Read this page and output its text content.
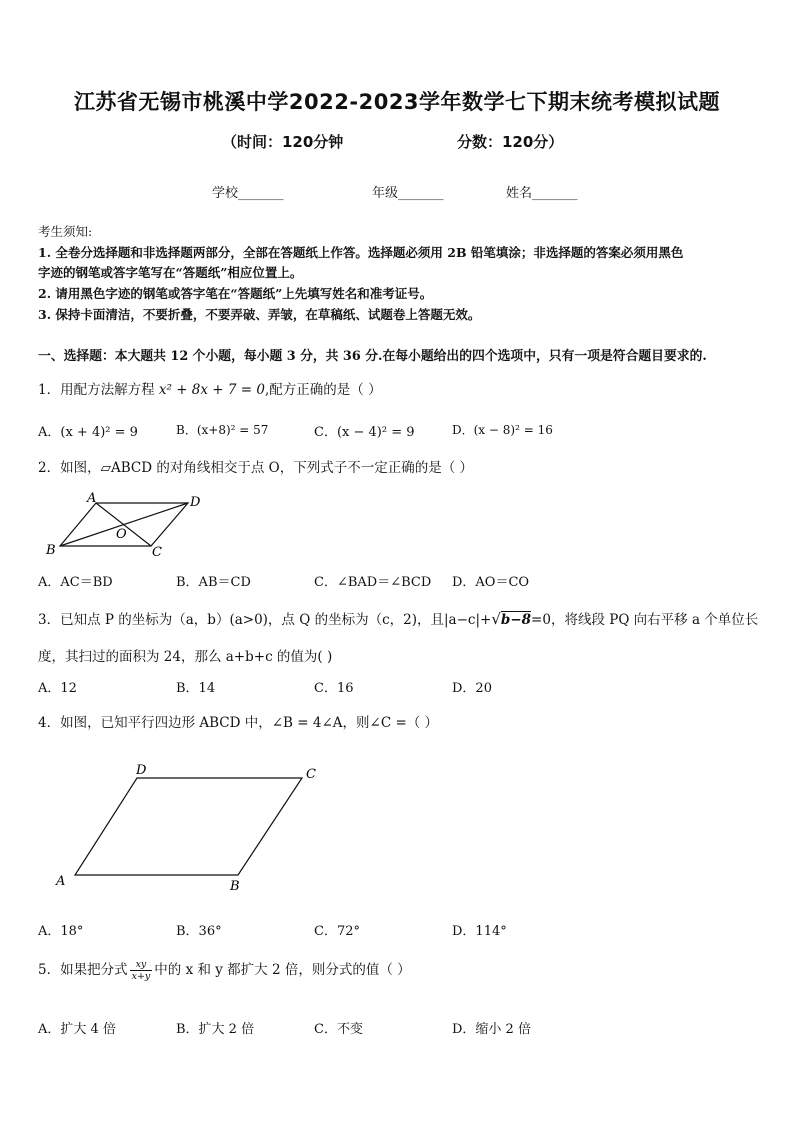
江苏省无锡市桃溪中学2022-2023学年数学七下期末统考模拟试题
（时间：120分钟	分数：120分）
学校_______	年级_______	姓名_______
考生须知:
1. 全卷分选择题和非选择题两部分，全部在答题纸上作答。选择题必须用 2B 铅笔填涂；非选择题的答案必须用黑色
字迹的钢笔或答字笔写在“答题纸”相应位置上。
2. 请用黑色字迹的钢笔或答字笔在“答题纸”上先填写姓名和准考证号。
3. 保持卡面清洁，不要折叠，不要弄破、弄皱，在草稿纸、试题卷上答题无效。
一、选择题：本大题共 12 个小题，每小题 3 分，共 36 分.在每小题给出的四个选项中，只有一项是符合题目要求的.
1．用配方法解方程 x² + 8x + 7 = 0,配方正确的是（ ）
A．(x + 4)² = 9	B．(x+8)² = 57	C．(x − 4)² = 9	D．(x − 8)² = 16
2．如图，▱ABCD 的对角线相交于点 O，下列式子不一定正确的是（ ）
A	D
B	C
O
A．AC＝BD	B．AB＝CD	C．∠BAD＝∠BCD D．AO＝CO
3．已知点 P 的坐标为（a，b）(a>0)，点 Q 的坐标为（c，2)，且|a−c|+√b−8=0，将线段 PQ 向右平移 a 个单位长
度，其扫过的面积为 24，那么 a+b+c 的值为( )
A．12	B．14	C．16	D．20
4．如图，已知平行四边形 ABCD 中，∠B = 4∠A，则∠C =（ ）
D	C
A	B
A．18°	B．36°	C．72°	D．114°
5．如果把分式 $\frac{xy}{x+y}$ 中的 x 和 y 都扩大 2 倍，则分式的值（ ）
A．扩大 4 倍	B．扩大 2 倍	C．不变	D．缩小 2 倍
